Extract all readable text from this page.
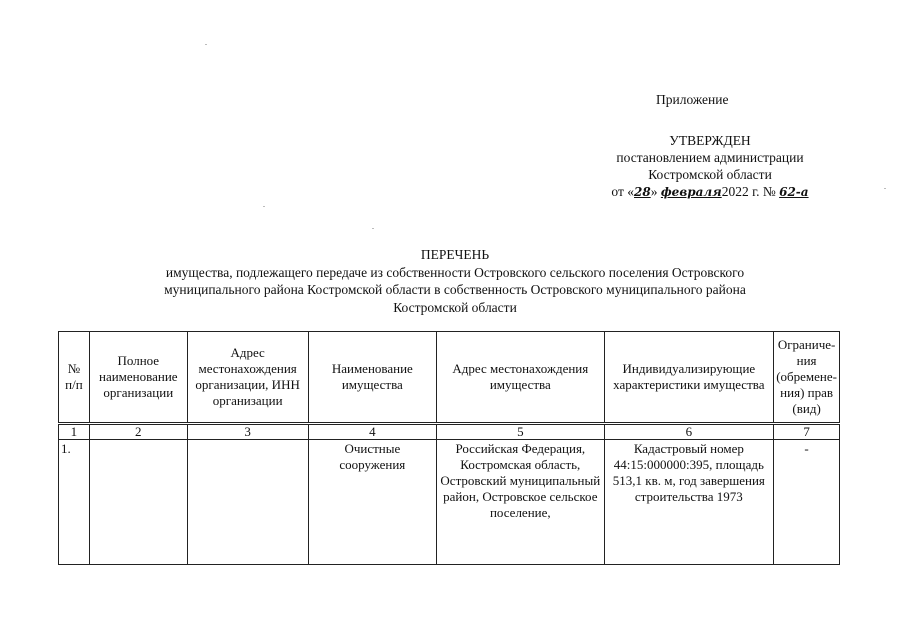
Приложение
УТВЕРЖДЕН
постановлением администрации
Костромской области
от «28» февраля2022 г. № 62-а
ПЕРЕЧЕНЬ
имущества, подлежащего передаче из собственности Островского сельского поселения Островского
муниципального района Костромской области в собственность Островского муниципального района
Костромской области
№ п/п	Полное наименование организации	Адрес местонахождения организации, ИНН организации	Наименование имущества	Адрес местонахождения имущества	Индивидуализирующие характеристики имущества	Ограниче-ния (обремене-ния) прав (вид)
1	2	3	4	5	6	7
1.			Очистные сооружения	Российская Федерация, Костромская область, Островский муниципальный район, Островское сельское поселение,	Кадастровый номер 44:15:000000:395, площадь 513,1 кв. м, год завершения строительства 1973	-
